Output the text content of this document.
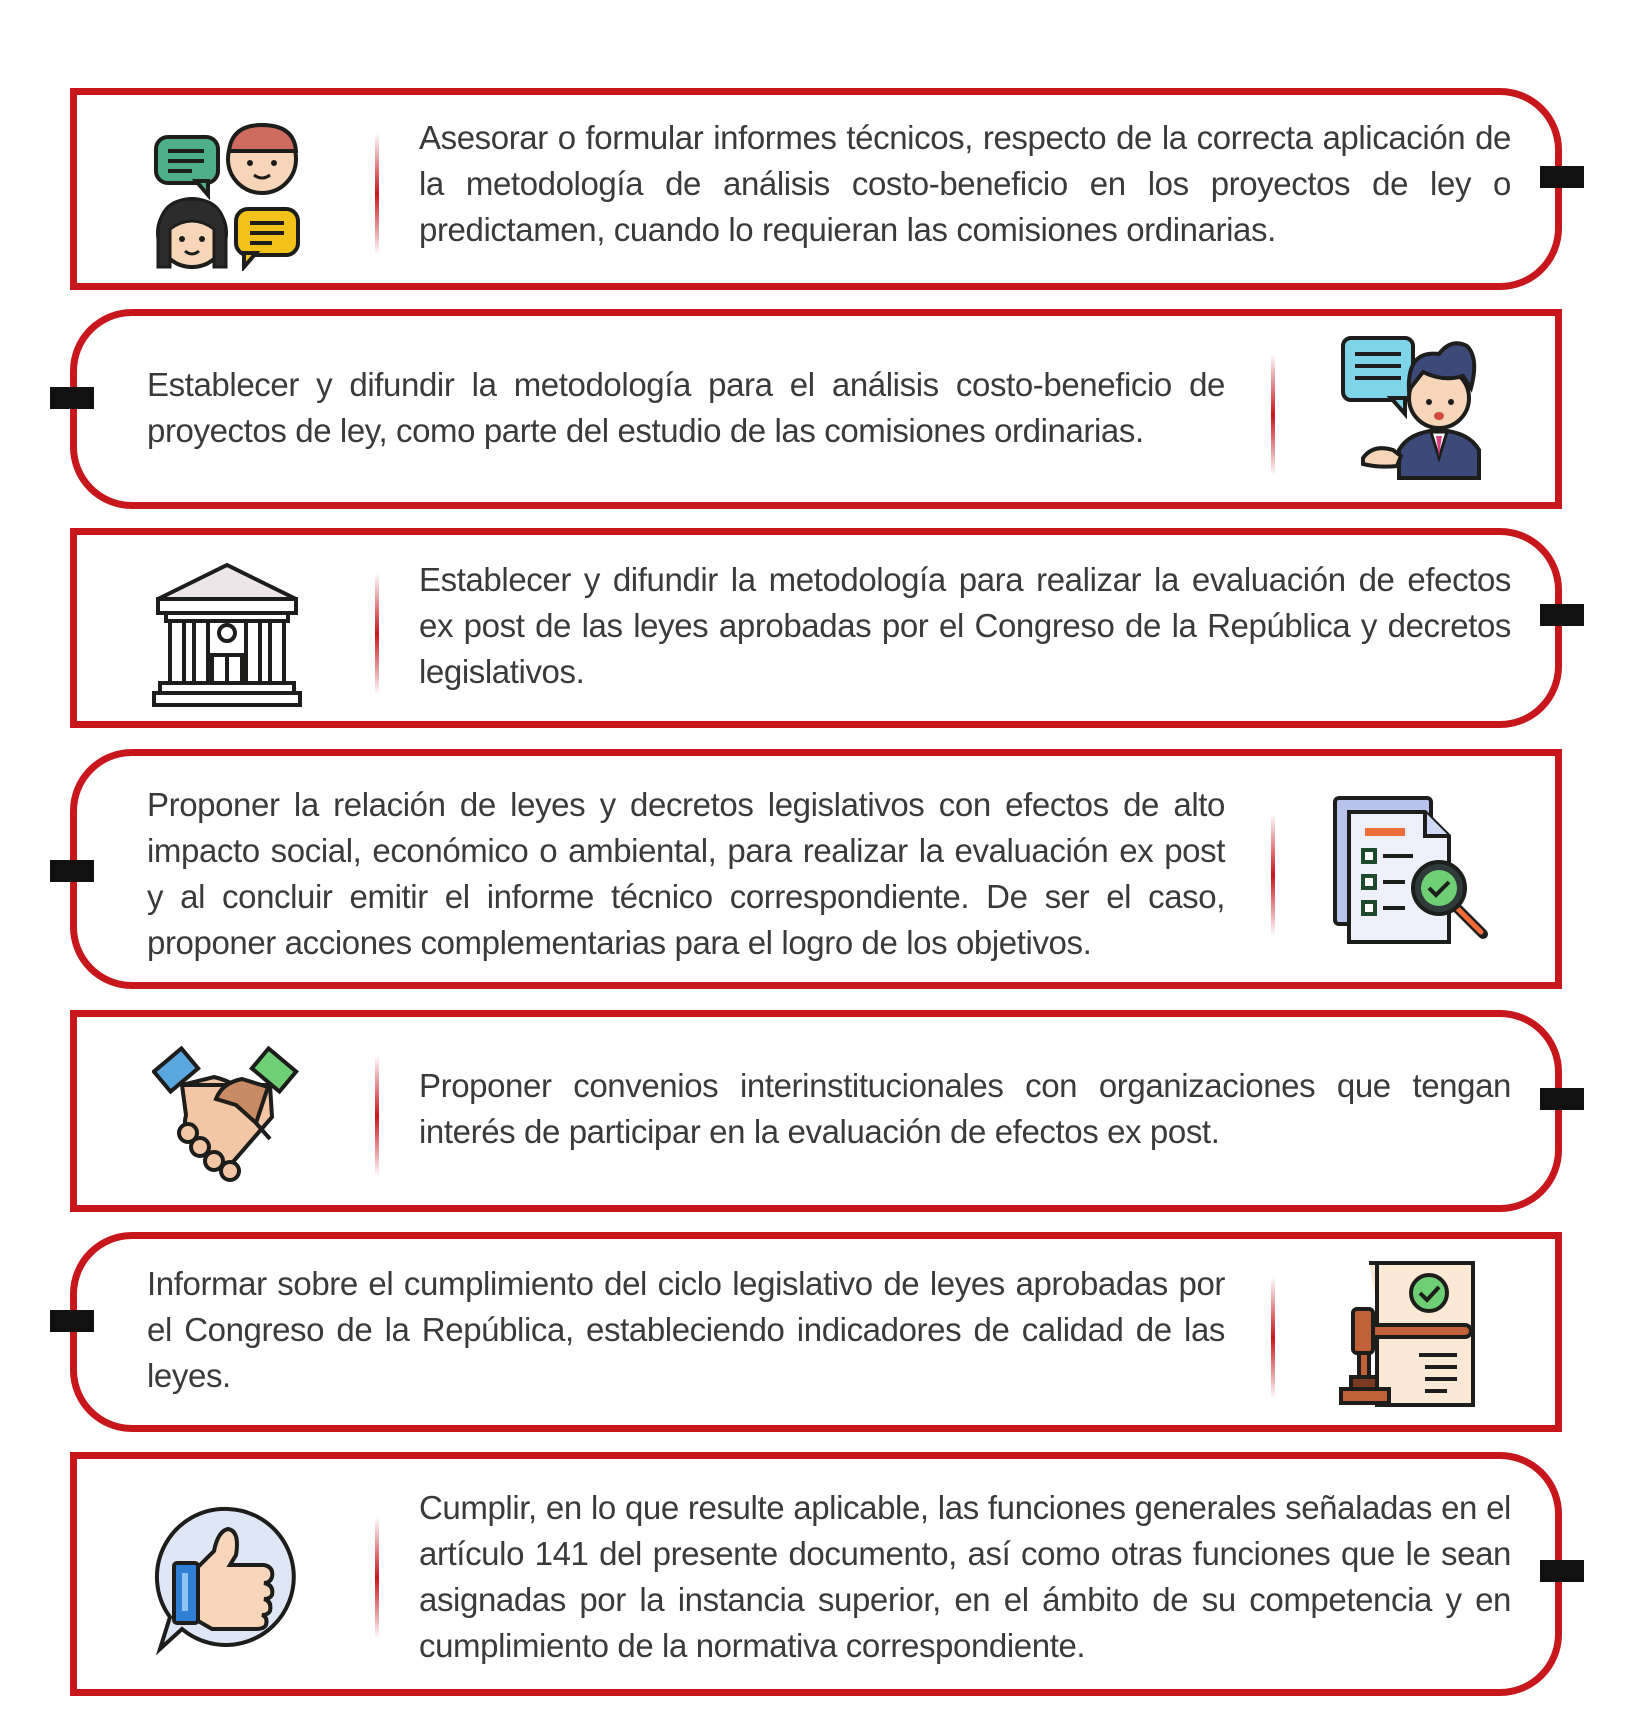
Asesorar o formular informes técnicos, respecto de la correcta aplicación de la metodología de análisis costo-beneficio en los proyectos de ley o predictamen, cuando lo requieran las comisiones ordinarias.
Establecer y difundir la metodología para el análisis costo-beneficio de proyectos de ley, como parte del estudio de las comisiones ordinarias.
Establecer y difundir la metodología para realizar la evaluación de efectos ex post de las leyes aprobadas por el Congreso de la República y decretos legislativos.
Proponer la relación de leyes y decretos legislativos con efectos de alto impacto social, económico o ambiental, para realizar la evaluación ex post y al concluir emitir el informe técnico correspondiente. De ser el caso, proponer acciones complementarias para el logro de los objetivos.
Proponer convenios interinstitucionales con organizaciones que tengan interés de participar en la evaluación de efectos ex post.
Informar sobre el cumplimiento del ciclo legislativo de leyes aprobadas por el Congreso de la República, estableciendo indicadores de calidad de las leyes.
Cumplir, en lo que resulte aplicable, las funciones generales señaladas en el artículo 141 del presente documento, así como otras funciones que le sean asignadas por la instancia superior, en el ámbito de su competencia y en cumplimiento de la normativa correspondiente.
